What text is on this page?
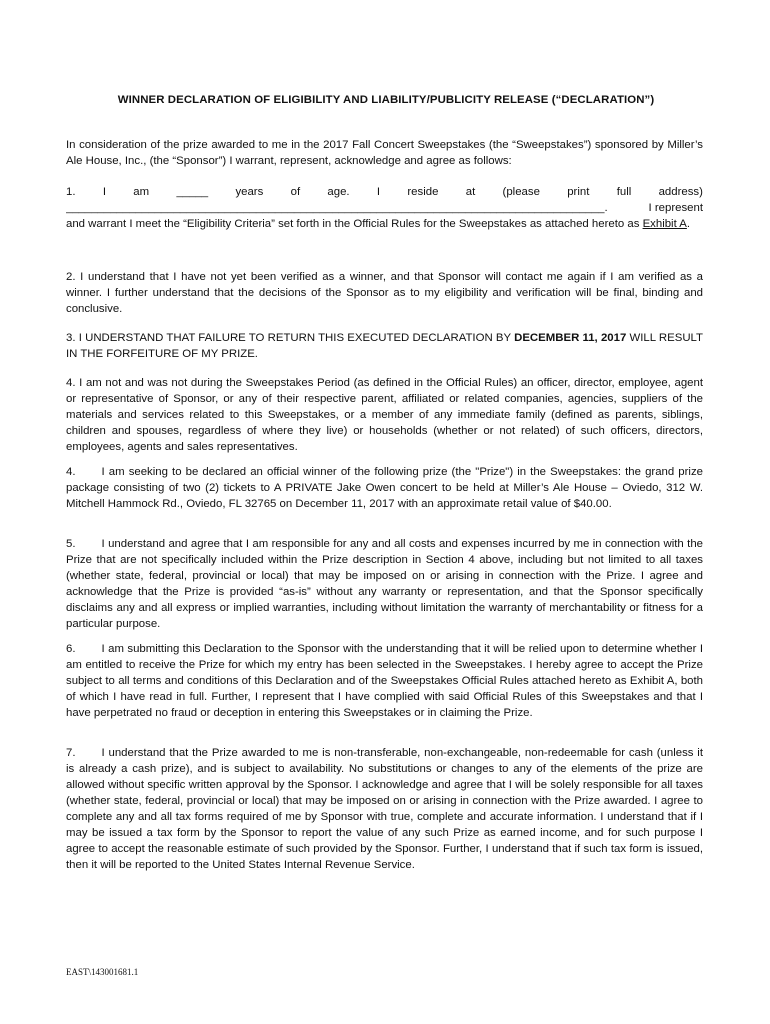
WINNER DECLARATION OF ELIGIBILITY AND LIABILITY/PUBLICITY RELEASE (“DECLARATION”)

In consideration of the prize awarded to me in the 2017 Fall Concert Sweepstakes (the “Sweepstakes”) sponsored by Miller’s Ale House, Inc., (the “Sponsor”) I warrant, represent, acknowledge and agree as follows:

1. I am _____ years of age. I reside at (please print full address)
_____________________________________________________________________________________.	I represent
and warrant I meet the “Eligibility Criteria” set forth in the Official Rules for the Sweepstakes as attached hereto as Exhibit A.

2. I understand that I have not yet been verified as a winner, and that Sponsor will contact me again if I am verified as a winner. I further understand that the decisions of the Sponsor as to my eligibility and verification will be final, binding and conclusive.

3. I UNDERSTAND THAT FAILURE TO RETURN THIS EXECUTED DECLARATION BY DECEMBER 11, 2017 WILL RESULT IN THE FORFEITURE OF MY PRIZE.

4. I am not and was not during the Sweepstakes Period (as defined in the Official Rules) an officer, director, employee, agent or representative of Sponsor, or any of their respective parent, affiliated or related companies, agencies, suppliers of the materials and services related to this Sweepstakes, or a member of any immediate family (defined as parents, siblings, children and spouses, regardless of where they live) or households (whether or not related) of such officers, directors, employees, agents and sales representatives.

4. I am seeking to be declared an official winner of the following prize (the "Prize") in the Sweepstakes: the grand prize package consisting of two (2) tickets to A PRIVATE Jake Owen concert to be held at Miller’s Ale House – Oviedo, 312 W. Mitchell Hammock Rd., Oviedo, FL 32765 on December 11, 2017 with an approximate retail value of $40.00.

5. I understand and agree that I am responsible for any and all costs and expenses incurred by me in connection with the Prize that are not specifically included within the Prize description in Section 4 above, including but not limited to all taxes (whether state, federal, provincial or local) that may be imposed on or arising in connection with the Prize. I agree and acknowledge that the Prize is provided “as-is” without any warranty or representation, and that the Sponsor specifically disclaims any and all express or implied warranties, including without limitation the warranty of merchantability or fitness for a particular purpose.

6. I am submitting this Declaration to the Sponsor with the understanding that it will be relied upon to determine whether I am entitled to receive the Prize for which my entry has been selected in the Sweepstakes. I hereby agree to accept the Prize subject to all terms and conditions of this Declaration and of the Sweepstakes Official Rules attached hereto as Exhibit A, both of which I have read in full. Further, I represent that I have complied with said Official Rules of this Sweepstakes and that I have perpetrated no fraud or deception in entering this Sweepstakes or in claiming the Prize.

7. I understand that the Prize awarded to me is non-transferable, non-exchangeable, non-redeemable for cash (unless it is already a cash prize), and is subject to availability. No substitutions or changes to any of the elements of the prize are allowed without specific written approval by the Sponsor. I acknowledge and agree that I will be solely responsible for all taxes (whether state, federal, provincial or local) that may be imposed on or arising in connection with the Prize awarded. I agree to complete any and all tax forms required of me by Sponsor with true, complete and accurate information. I understand that if I may be issued a tax form by the Sponsor to report the value of any such Prize as earned income, and for such purpose I agree to accept the reasonable estimate of such provided by the Sponsor. Further, I understand that if such tax form is issued, then it will be reported to the United States Internal Revenue Service.

EAST\143001681.1
